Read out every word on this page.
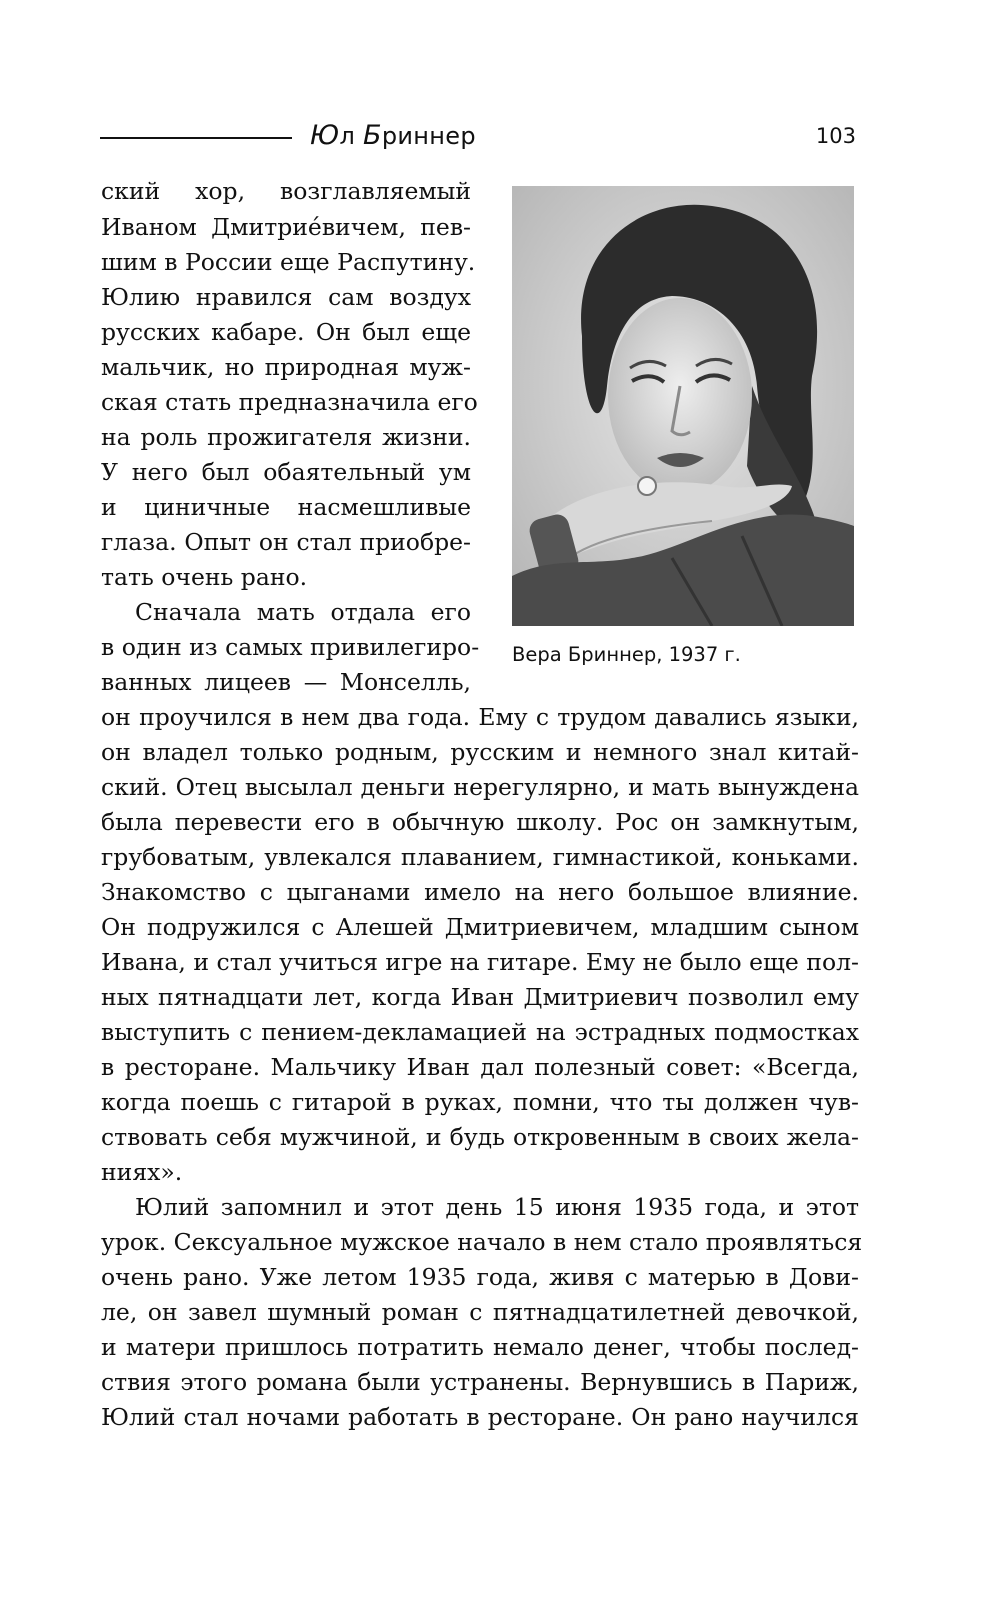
Юл Бриннер	103
ский хор, возглавляемый
Иваном Дмитрие́вичем, пев-
шим в России еще Распутину.
Юлию нравился сам воздух
русских кабаре. Он был еще
мальчик, но природная муж-
ская стать предназначила его
на роль прожигателя жизни.
У него был обаятельный ум
и циничные насмешливые
глаза. Опыт он стал приобре-
тать очень рано.
Сначала мать отдала его
в один из самых привилегиро-
ванных лицеев — Монселль,
он проучился в нем два года. Ему с трудом давались языки,
он владел только родным, русским и немного знал китай-
ский. Отец высылал деньги нерегулярно, и мать вынуждена
была перевести его в обычную школу. Рос он замкнутым,
грубоватым, увлекался плаванием, гимнастикой, коньками.
Знакомство с цыганами имело на него большое влияние.
Он подружился с Алешей Дмитриевичем, младшим сыном
Ивана, и стал учиться игре на гитаре. Ему не было еще пол-
ных пятнадцати лет, когда Иван Дмитриевич позволил ему
выступить с пением-декламацией на эстрадных подмостках
в ресторане. Мальчику Иван дал полезный совет: «Всегда,
когда поешь с гитарой в руках, помни, что ты должен чув-
ствовать себя мужчиной, и будь откровенным в своих жела-
ниях».
Юлий запомнил и этот день 15 июня 1935 года, и этот
урок. Сексуальное мужское начало в нем стало проявляться
очень рано. Уже летом 1935 года, живя с матерью в Дови-
ле, он завел шумный роман с пятнадцатилетней девочкой,
и матери пришлось потратить немало денег, чтобы послед-
ствия этого романа были устранены. Вернувшись в Париж,
Юлий стал ночами работать в ресторане. Он рано научился
Вера Бриннер, 1937 г.
